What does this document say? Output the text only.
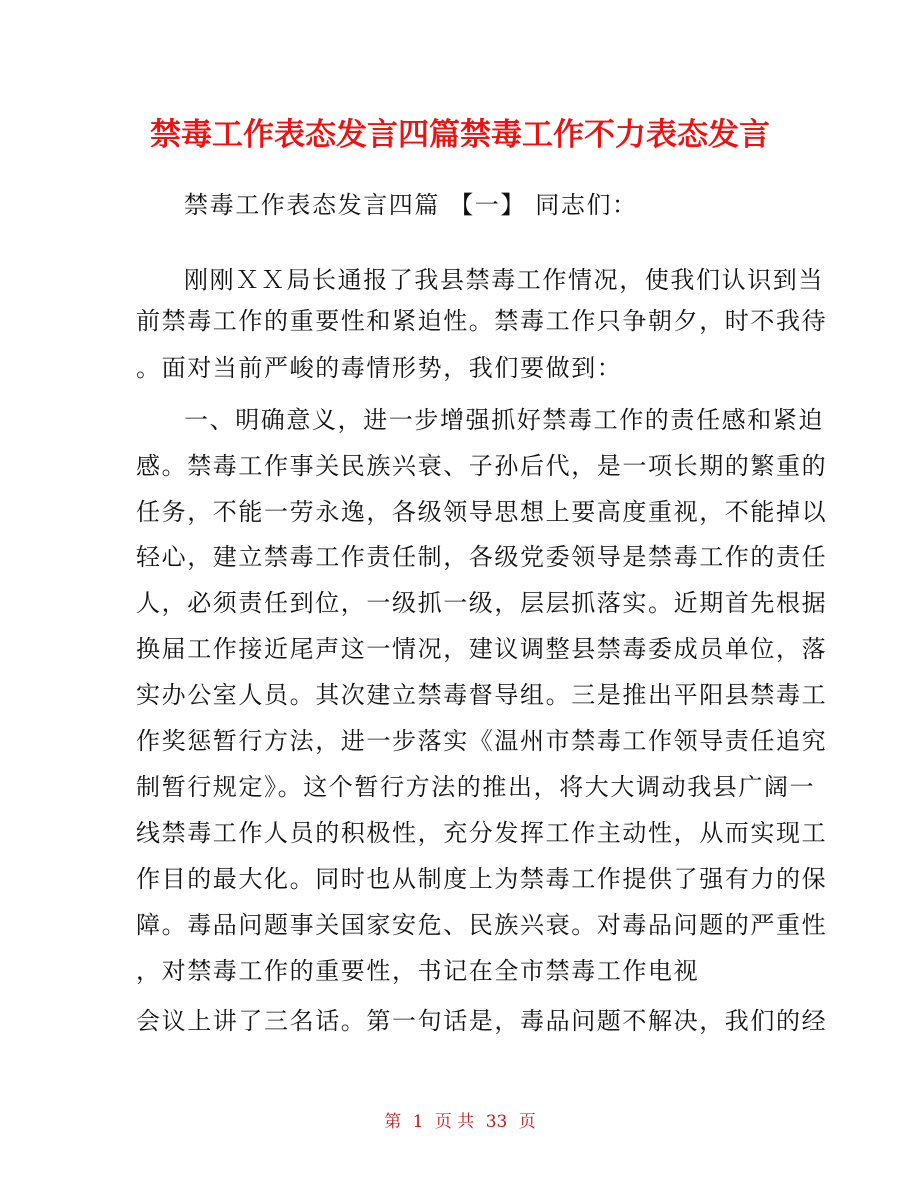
禁毒工作表态发言四篇禁毒工作不力表态发言
禁毒工作表态发言四篇 【一】 同志们：
刚刚ＸＸ局长通报了我县禁毒工作情况，使我们认识到当
前禁毒工作的重要性和紧迫性。禁毒工作只争朝夕，时不我待
。面对当前严峻的毒情形势，我们要做到：
一、明确意义，进一步增强抓好禁毒工作的责任感和紧迫
感。禁毒工作事关民族兴衰、子孙后代，是一项长期的繁重的
任务，不能一劳永逸，各级领导思想上要高度重视，不能掉以
轻心，建立禁毒工作责任制，各级党委领导是禁毒工作的责任
人，必须责任到位，一级抓一级，层层抓落实。近期首先根据
换届工作接近尾声这一情况，建议调整县禁毒委成员单位，落
实办公室人员。其次建立禁毒督导组。三是推出平阳县禁毒工
作奖惩暂行方法，进一步落实《温州市禁毒工作领导责任追究
制暂行规定》。这个暂行方法的推出，将大大调动我县广阔一
线禁毒工作人员的积极性，充分发挥工作主动性，从而实现工
作目的最大化。同时也从制度上为禁毒工作提供了强有力的保
障。毒品问题事关国家安危、民族兴衰。对毒品问题的严重性
，对禁毒工作的重要性，书记在全市禁毒工作电视
会议上讲了三名话。第一句话是，毒品问题不解决，我们的经
第 1 页 共 33 页
